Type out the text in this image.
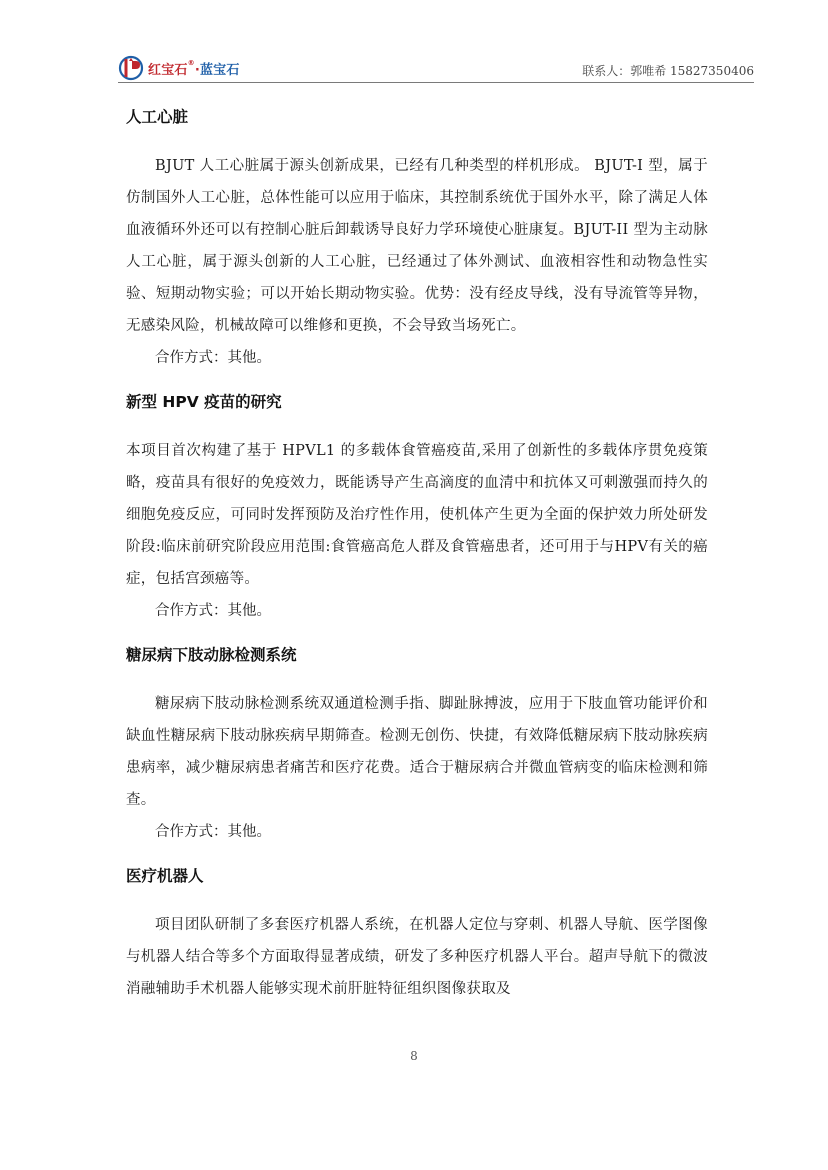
红宝石®·蓝宝石	联系人：郭唯希 15827350406
人工心脏

BJUT 人工心脏属于源头创新成果，已经有几种类型的样机形成。 BJUT-I 型，属于仿制国外人工心脏，总体性能可以应用于临床，其控制系统优于国外水平，除了满足人体血液循环外还可以有控制心脏后卸载诱导良好力学环境使心脏康复。BJUT-II 型为主动脉人工心脏，属于源头创新的人工心脏，已经通过了体外测试、血液相容性和动物急性实验、短期动物实验；可以开始长期动物实验。优势：没有经皮导线，没有导流管等异物，无感染风险，机械故障可以维修和更换，不会导致当场死亡。

合作方式：其他。

新型 HPV 疫苗的研究

本项目首次构建了基于 HPVL1 的多载体食管癌疫苗,采用了创新性的多载体序贯免疫策略，疫苗具有很好的免疫效力，既能诱导产生高滴度的血清中和抗体又可刺激强而持久的细胞免疫反应，可同时发挥预防及治疗性作用，使机体产生更为全面的保护效力所处研发阶段:临床前研究阶段应用范围:食管癌高危人群及食管癌患者，还可用于与HPV有关的癌症，包括宫颈癌等。

合作方式：其他。

糖尿病下肢动脉检测系统

糖尿病下肢动脉检测系统双通道检测手指、脚趾脉搏波，应用于下肢血管功能评价和缺血性糖尿病下肢动脉疾病早期筛查。检测无创伤、快捷，有效降低糖尿病下肢动脉疾病患病率，减少糖尿病患者痛苦和医疗花费。适合于糖尿病合并微血管病变的临床检测和筛查。

合作方式：其他。

医疗机器人

项目团队研制了多套医疗机器人系统，在机器人定位与穿刺、机器人导航、医学图像与机器人结合等多个方面取得显著成绩，研发了多种医疗机器人平台。超声导航下的微波消融辅助手术机器人能够实现术前肝脏特征组织图像获取及

8
